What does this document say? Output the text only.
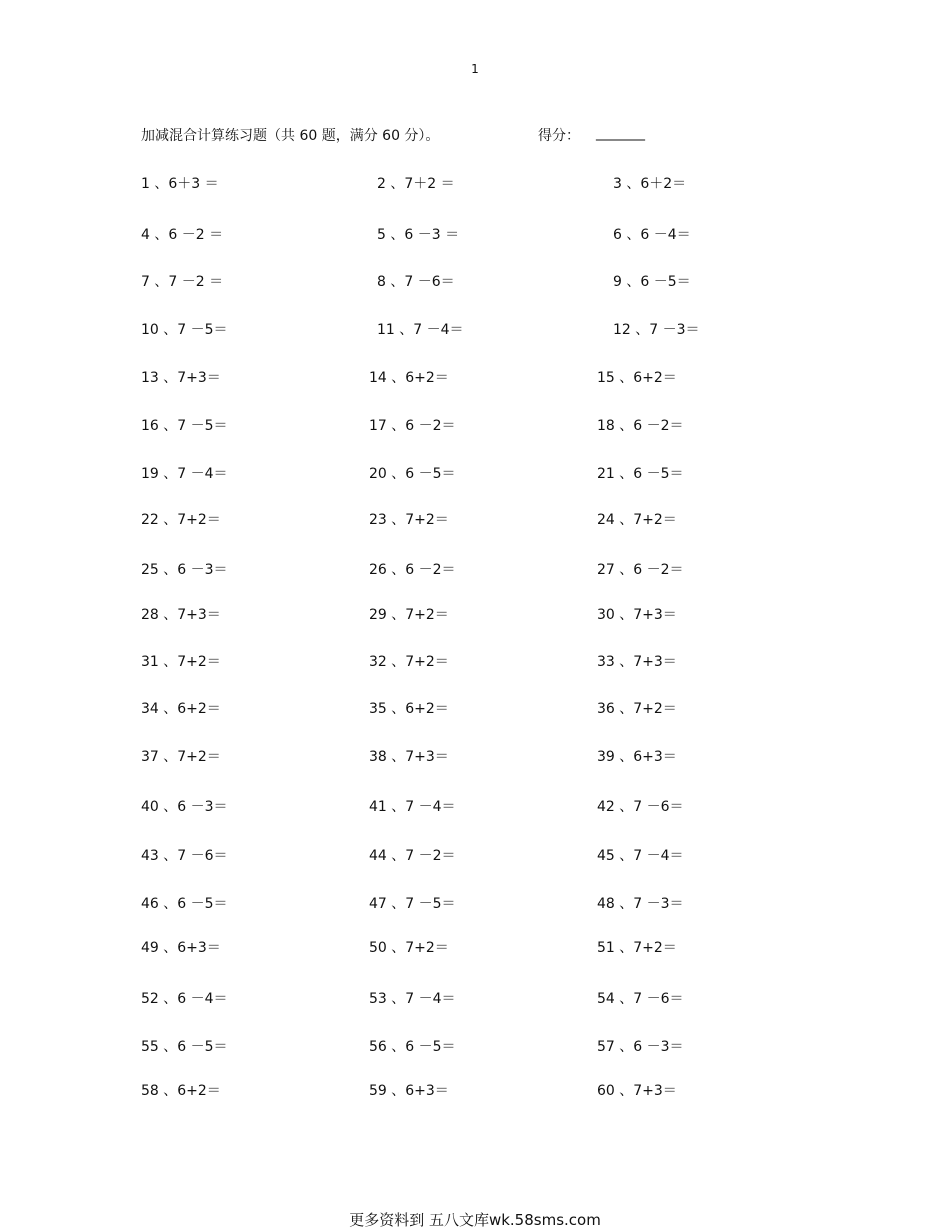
1
加减混合计算练习题（共 60 题，满分 60 分）。	得分： _______
1 、6＋3 ＝	2 、7＋2 ＝	3 、6＋2＝
4 、6 －2 ＝	5 、6 －3 ＝	6 、6 －4＝
7 、7 －2 ＝	8 、7 －6＝	9 、6 －5＝
10 、7 －5＝	11 、7 －4＝	12 、7 －3＝
13 、7+3＝	14 、6+2＝	15 、6+2＝
16 、7 －5＝	17 、6 －2＝	18 、6 －2＝
19 、7 －4＝	20 、6 －5＝	21 、6 －5＝
22 、7+2＝	23 、7+2＝	24 、7+2＝
25 、6 －3＝	26 、6 －2＝	27 、6 －2＝
28 、7+3＝	29 、7+2＝	30 、7+3＝
31 、7+2＝	32 、7+2＝	33 、7+3＝
34 、6+2＝	35 、6+2＝	36 、7+2＝
37 、7+2＝	38 、7+3＝	39 、6+3＝
40 、6 －3＝	41 、7 －4＝	42 、7 －6＝
43 、7 －6＝	44 、7 －2＝	45 、7 －4＝
46 、6 －5＝	47 、7 －5＝	48 、7 －3＝
49 、6+3＝	50 、7+2＝	51 、7+2＝
52 、6 －4＝	53 、7 －4＝	54 、7 －6＝
55 、6 －5＝	56 、6 －5＝	57 、6 －3＝
58 、6+2＝	59 、6+3＝	60 、7+3＝
更多资料到 五八文库wk.58sms.com
